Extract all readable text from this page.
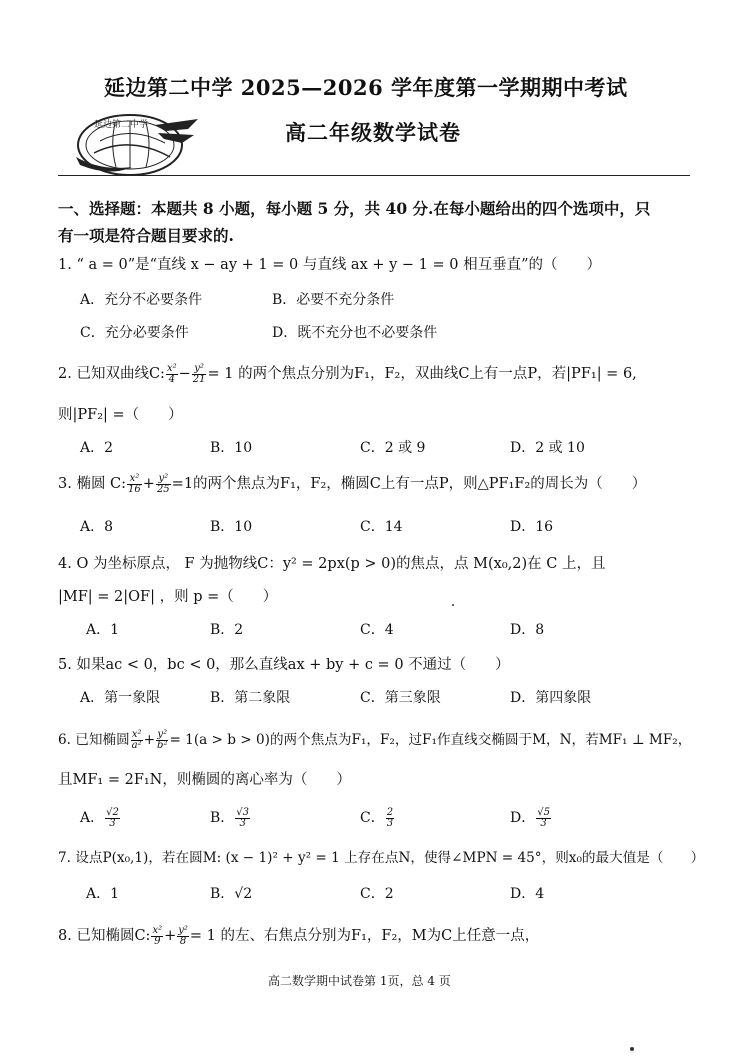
延边第二中学
延边第二中学 2025—2026 学年度第一学期期中考试
高二年级数学试卷
一、选择题：本题共 8 小题，每小题 5 分，共 40 分.在每小题给出的四个选项中，只
有一项是符合题目要求的.
1. “ a = 0”是“直线 x − ay + 1 = 0 与直线 ax + y − 1 = 0 相互垂直”的（　　）
A．充分不必要条件	B．必要不充分条件
C．充分必要条件	D．既不充分也不必要条件
2. 已知双曲线C: $\frac{\text{x²}}{4} - \frac{\text{y²}}{21} = 1$ 的两个焦点分别为F₁，F₂，双曲线C上有一点P，若|PF₁| = 6,
则|PF₂| =（　　）
A．2	B．10	C．2 或 9	D．2 或 10
3. 椭圆 C: $\frac{\text{x²}}{16} + \frac{\text{y²}}{25} =1$的两个焦点为F₁，F₂，椭圆C上有一点P，则△PF₁F₂的周长为（　　）
A．8	B．10	C．14	D．16
4. O 为坐标原点， F 为抛物线C：y² = 2px(p > 0)的焦点，点 M(x₀,2)在 C 上，且
|MF| = 2|OF| ，则 p =（　　）
A．1	B．2	C．4	D．8
5. 如果ac < 0，bc < 0，那么直线ax + by + c = 0 不通过（　　）
A．第一象限	B．第二象限	C．第三象限	D．第四象限
6. 已知椭圆 $\frac{\text{x²}}{\text{a²}} + \frac{\text{y²}}{\text{b²}} = 1(a > b > 0)$的两个焦点为F₁，F₂，过F₁作直线交椭圆于M，N，若MF₁ ⊥ MF₂，
且MF₁ = 2F₁N，则椭圆的离心率为（　　）
A． $\frac{√2}{3}$	B． $\frac{√3}{3}$	C． $\frac{2}{3}$	D． $\frac{√5}{3}$
7. 设点P(x₀,1)，若在圆M: (x − 1)² + y² = 1 上存在点N，使得∠MPN = 45°，则x₀的最大值是（　　）
A．1	B．√2	C．2	D．4
8. 已知椭圆C: $\frac{\text{x²}}{9} + \frac{\text{y²}}{8} = 1$ 的左、右焦点分别为F₁，F₂，M为C上任意一点，
高二数学期中试卷第 1页，总 4 页
